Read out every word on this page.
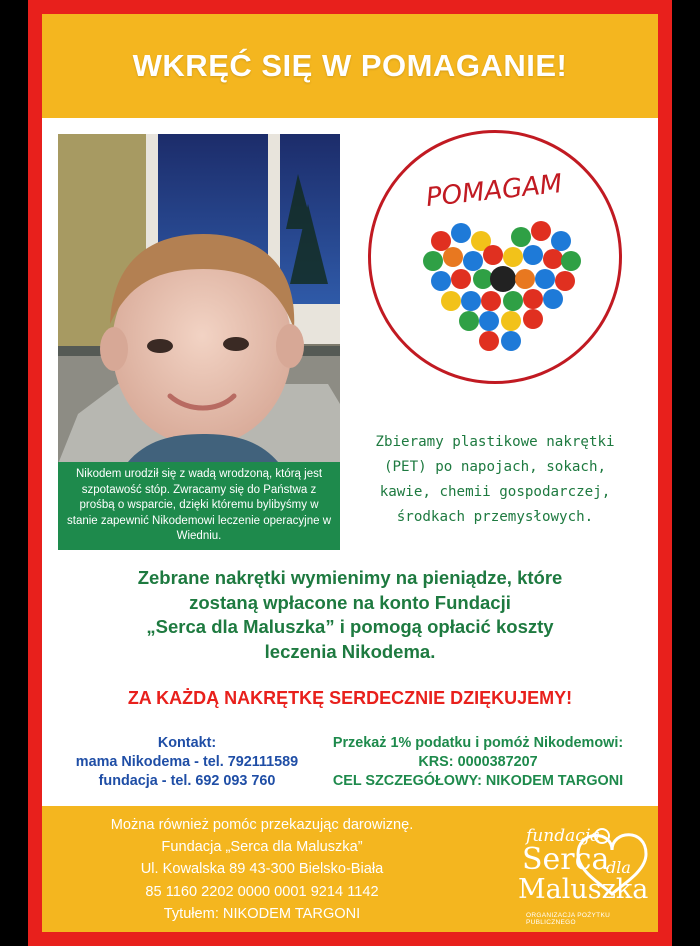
WKRĘĆ SIĘ W POMAGANIE!
Nikodem urodził się z wadą wrodzoną, którą jest szpotawość stóp. Zwracamy się do Państwa z prośbą o wsparcie, dzięki któremu bylibyśmy w stanie zapewnić Nikodemowi leczenie operacyjne w Wiedniu.
POMAGAM
Zbieramy plastikowe nakrętki
(PET) po napojach, sokach,
kawie, chemii gospodarczej,
środkach przemysłowych.
Zebrane nakrętki wymienimy na pieniądze, które
zostaną wpłacone na konto Fundacji
„Serca dla Maluszka” i pomogą opłacić koszty
leczenia Nikodema.
ZA KAŻDĄ NAKRĘTKĘ SERDECZNIE DZIĘKUJEMY!
Kontakt:
mama Nikodema - tel. 792111589
fundacja - tel. 692 093 760
Przekaż 1% podatku i pomóż Nikodemowi:
KRS: 0000387207
CEL SZCZEGÓŁOWY: NIKODEM TARGONI
Można również pomóc przekazując darowiznę.
Fundacja „Serca dla Maluszka”
Ul. Kowalska 89 43-300 Bielsko-Biała
85 1160 2202 0000 0001 9214 1142
Tytułem: NIKODEM TARGONI
fundacja
Serca
dla
Maluszka
ORGANIZACJA POŻYTKU PUBLICZNEGO
